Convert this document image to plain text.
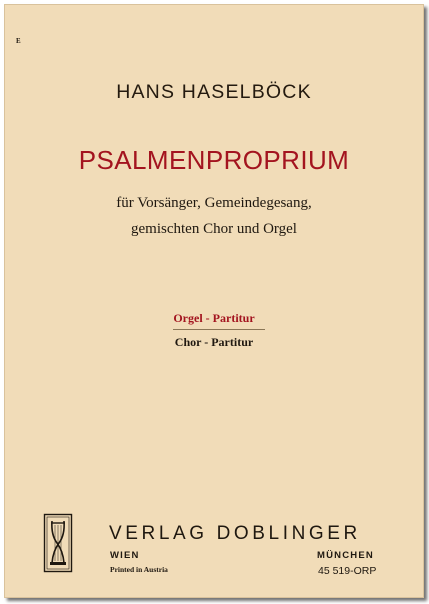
E
HANS HASELBÖCK
PSALMENPROPRIUM
für Vorsänger, Gemeindegesang,
gemischten Chor und Orgel
Orgel - Partitur
Chor - Partitur
VERLAG DOBLINGER
WIEN	MÜNCHEN
Printed in Austria	45 519-ORP
